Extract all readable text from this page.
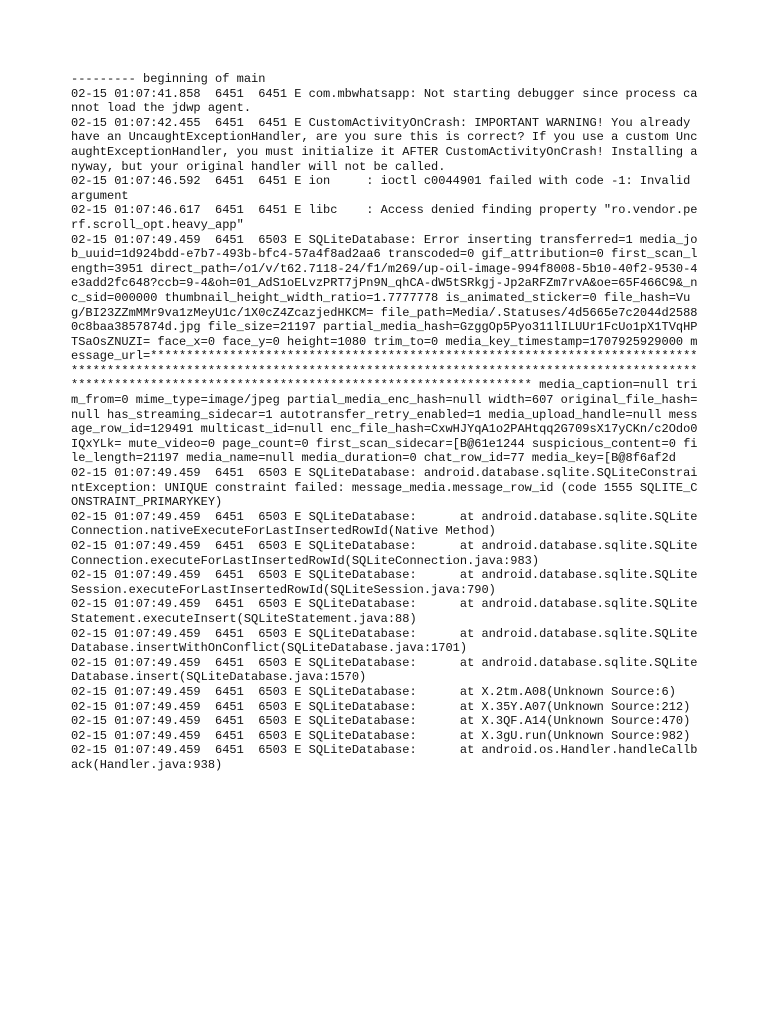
--------- beginning of main

02-15 01:07:41.858  6451  6451 E com.mbwhatsapp: Not starting debugger since process cannot load the jdwp agent.

02-15 01:07:42.455  6451  6451 E CustomActivityOnCrash: IMPORTANT WARNING! You already have an UncaughtExceptionHandler, are you sure this is correct? If you use a custom UncaughtExceptionHandler, you must initialize it AFTER CustomActivityOnCrash! Installing anyway, but your original handler will not be called.

02-15 01:07:46.592  6451  6451 E ion     : ioctl c0044901 failed with code -1: Invalid argument

02-15 01:07:46.617  6451  6451 E libc    : Access denied finding property "ro.vendor.perf.scroll_opt.heavy_app"

02-15 01:07:49.459  6451  6503 E SQLiteDatabase: Error inserting transferred=1 media_job_uuid=1d924bdd-e7b7-493b-bfc4-57a4f8ad2aa6 transcoded=0 gif_attribution=0 first_scan_length=3951 direct_path=/o1/v/t62.7118-24/f1/m269/up-oil-image-994f8008-5b10-40f2-9530-4e3add2fc648?ccb=9-4&oh=01_AdS1oELvzPRT7jPn9N_qhCA-dW5tSRkgj-Jp2aRFZm7rvA&oe=65F466C9&_nc_sid=000000 thumbnail_height_width_ratio=1.7777778 is_animated_sticker=0 file_hash=Vug/BI23ZZmMMr9va1zMeyU1c/1X0cZ4ZcazjedHKCM= file_path=Media/.Statuses/4d5665e7c2044d25880c8baa3857874d.jpg file_size=21197 partial_media_hash=GzggOp5Pyo311lILUUr1FcUo1pX1TVqHPTSaOsZNUZI= face_x=0 face_y=0 height=1080 trim_to=0 media_key_timestamp=1707925929000 message_url=*********************************************************************************************************************************************************************************************************************************** media_caption=null trim_from=0 mime_type=image/jpeg partial_media_enc_hash=null width=607 original_file_hash=null has_streaming_sidecar=1 autotransfer_retry_enabled=1 media_upload_handle=null message_row_id=129491 multicast_id=null enc_file_hash=CxwHJYqA1o2PAHtqq2G709sX17yCKn/c2Odo0IQxYLk= mute_video=0 page_count=0 first_scan_sidecar=[B@61e1244 suspicious_content=0 file_length=21197 media_name=null media_duration=0 chat_row_id=77 media_key=[B@8f6af2d

02-15 01:07:49.459  6451  6503 E SQLiteDatabase: android.database.sqlite.SQLiteConstraintException: UNIQUE constraint failed: message_media.message_row_id (code 1555 SQLITE_CONSTRAINT_PRIMARYKEY)

02-15 01:07:49.459  6451  6503 E SQLiteDatabase:      at android.database.sqlite.SQLiteConnection.nativeExecuteForLastInsertedRowId(Native Method)

02-15 01:07:49.459  6451  6503 E SQLiteDatabase:      at android.database.sqlite.SQLiteConnection.executeForLastInsertedRowId(SQLiteConnection.java:983)

02-15 01:07:49.459  6451  6503 E SQLiteDatabase:      at android.database.sqlite.SQLiteSession.executeForLastInsertedRowId(SQLiteSession.java:790)

02-15 01:07:49.459  6451  6503 E SQLiteDatabase:      at android.database.sqlite.SQLiteStatement.executeInsert(SQLiteStatement.java:88)

02-15 01:07:49.459  6451  6503 E SQLiteDatabase:      at android.database.sqlite.SQLiteDatabase.insertWithOnConflict(SQLiteDatabase.java:1701)

02-15 01:07:49.459  6451  6503 E SQLiteDatabase:      at android.database.sqlite.SQLiteDatabase.insert(SQLiteDatabase.java:1570)

02-15 01:07:49.459  6451  6503 E SQLiteDatabase:      at X.2tm.A08(Unknown Source:6)

02-15 01:07:49.459  6451  6503 E SQLiteDatabase:      at X.35Y.A07(Unknown Source:212)

02-15 01:07:49.459  6451  6503 E SQLiteDatabase:      at X.3QF.A14(Unknown Source:470)

02-15 01:07:49.459  6451  6503 E SQLiteDatabase:      at X.3gU.run(Unknown Source:982)

02-15 01:07:49.459  6451  6503 E SQLiteDatabase:      at android.os.Handler.handleCallback(Handler.java:938)
